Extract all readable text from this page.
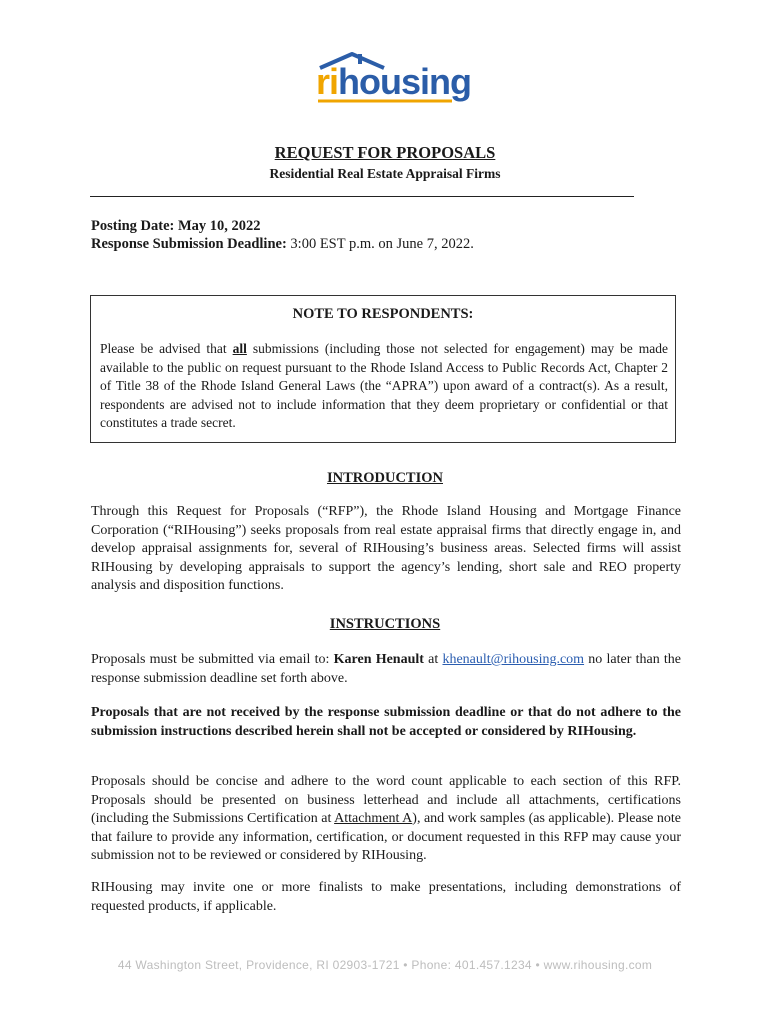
rihousing
REQUEST FOR PROPOSALS
Residential Real Estate Appraisal Firms
Posting Date: May 10, 2022
Response Submission Deadline: 3:00 EST p.m. on June 7, 2022.
NOTE TO RESPONDENTS:
Please be advised that all submissions (including those not selected for engagement) may be made available to the public on request pursuant to the Rhode Island Access to Public Records Act, Chapter 2 of Title 38 of the Rhode Island General Laws (the “APRA”) upon award of a contract(s). As a result, respondents are advised not to include information that they deem proprietary or confidential or that constitutes a trade secret.
INTRODUCTION
Through this Request for Proposals (“RFP”), the Rhode Island Housing and Mortgage Finance Corporation (“RIHousing”) seeks proposals from real estate appraisal firms that directly engage in, and develop appraisal assignments for, several of RIHousing’s business areas. Selected firms will assist RIHousing by developing appraisals to support the agency’s lending, short sale and REO property analysis and disposition functions.
INSTRUCTIONS
Proposals must be submitted via email to: Karen Henault at khenault@rihousing.com no later than the response submission deadline set forth above.
Proposals that are not received by the response submission deadline or that do not adhere to the submission instructions described herein shall not be accepted or considered by RIHousing.
Proposals should be concise and adhere to the word count applicable to each section of this RFP. Proposals should be presented on business letterhead and include all attachments, certifications (including the Submissions Certification at Attachment A), and work samples (as applicable). Please note that failure to provide any information, certification, or document requested in this RFP may cause your submission not to be reviewed or considered by RIHousing.
RIHousing may invite one or more finalists to make presentations, including demonstrations of requested products, if applicable.
44 Washington Street, Providence, RI 02903-1721 • Phone: 401.457.1234 • www.rihousing.com
